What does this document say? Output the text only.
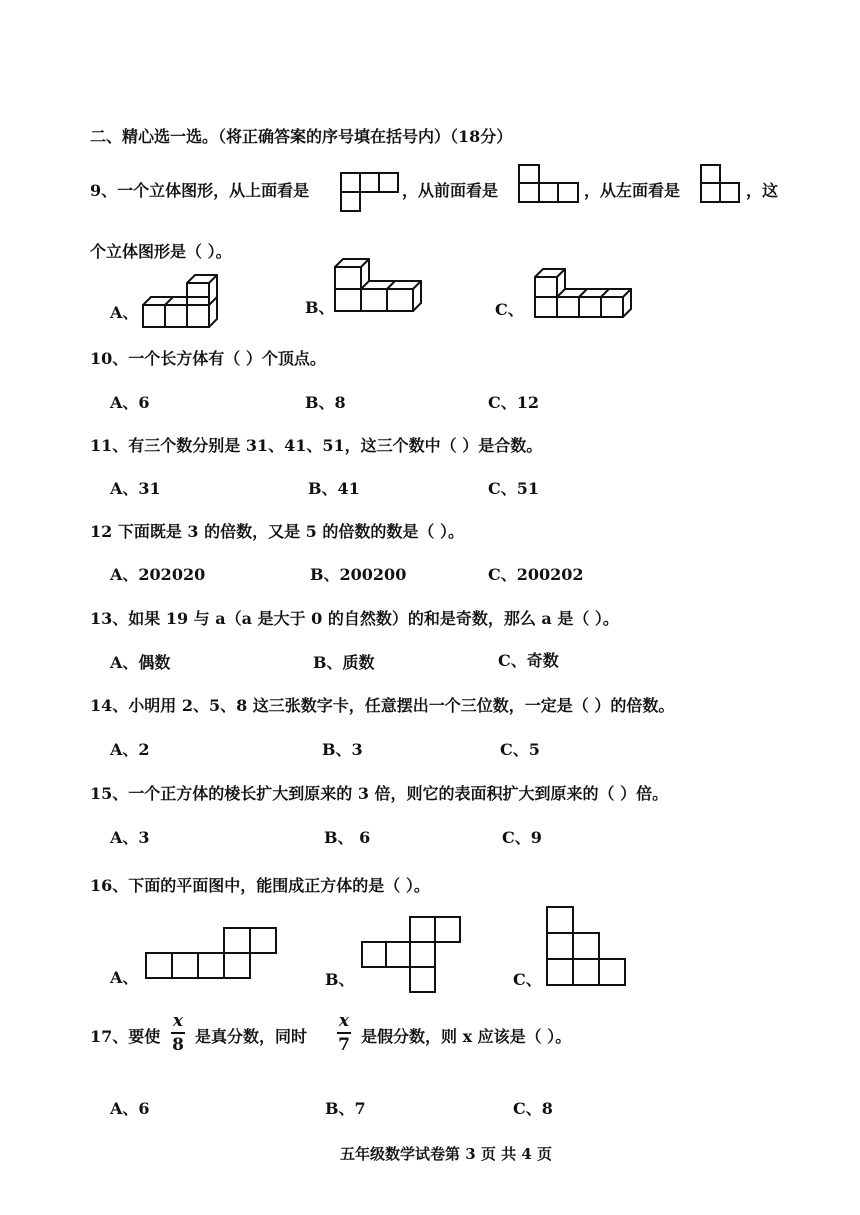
二、精心选一选。（将正确答案的序号填在括号内）（18分）
9、一个立体图形，从上面看是	，从前面看是	，从左面看是	，这
个立体图形是（ ）。
A、	B、	C、
10、一个长方体有（ ）个顶点。
A、6	B、8	C、12
11、有三个数分别是 31、41、51，这三个数中（ ）是合数。
A、31	B、41	C、51
12 下面既是 3 的倍数，又是 5 的倍数的数是（ ）。
A、202020	B、200200	C、200202
13、如果 19 与 a（a 是大于 0 的自然数）的和是奇数，那么 a 是（ ）。
A、偶数	B、质数	C、奇数
14、小明用 2、5、8 这三张数字卡，任意摆出一个三位数，一定是（ ）的倍数。
A、2	B、3	C、5
15、一个正方体的棱长扩大到原来的 3 倍，则它的表面积扩大到原来的（ ）倍。
A、3	B、 6	C、9
16、下面的平面图中，能围成正方体的是（ ）。
A、	B、	C、
17、要使
x
8 是真分数，同时
x
7 是假分数，则 x 应该是（ ）。
A、6	B、7	C、8
五年级数学试卷第 3 页 共 4 页
